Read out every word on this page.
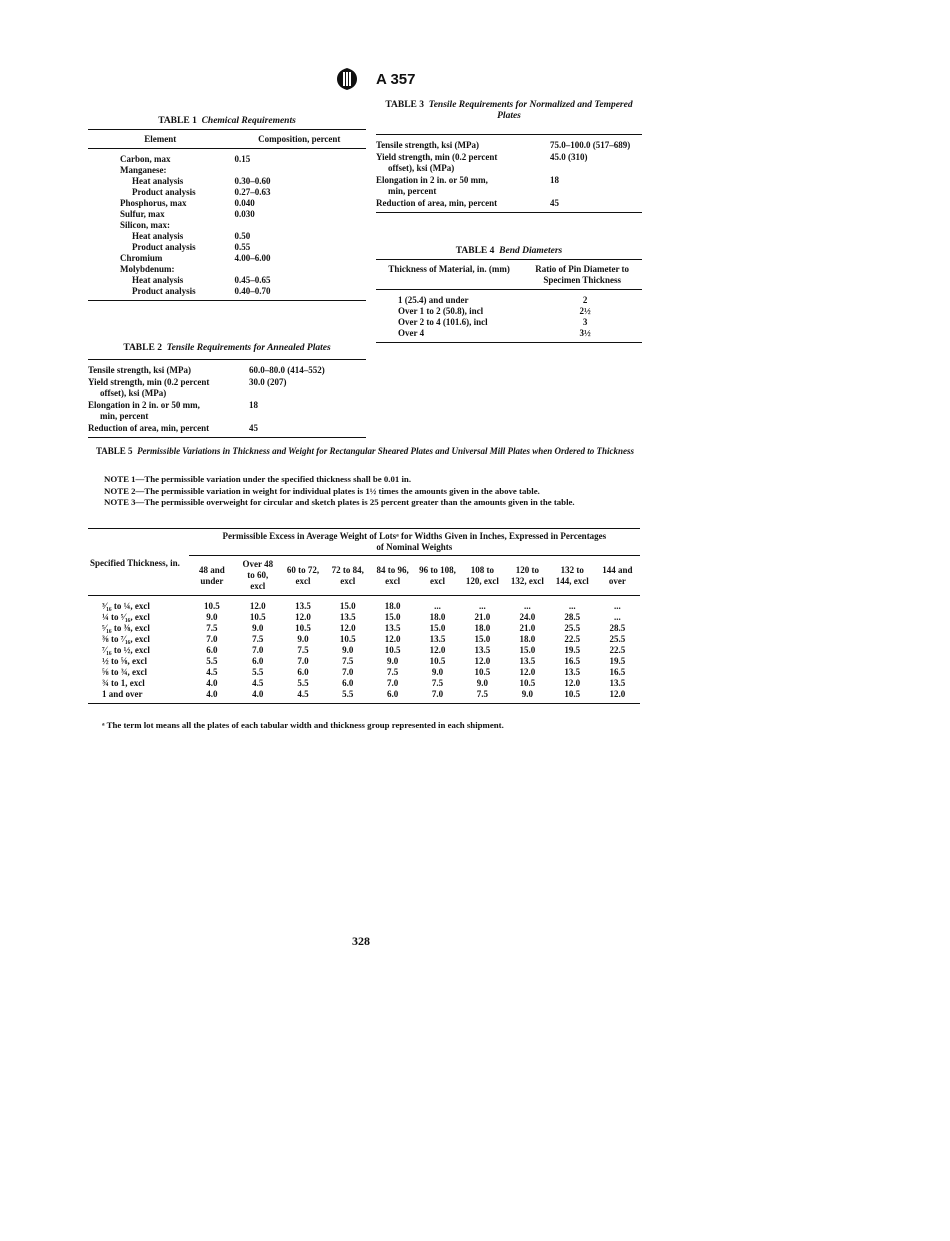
A 357
TABLE 1 Chemical Requirements
Element	Composition, percent
Carbon, max	0.15
Manganese:	
Heat analysis	0.30–0.60
Product analysis	0.27–0.63
Phosphorus, max	0.040
Sulfur, max	0.030
Silicon, max:	
Heat analysis	0.50
Product analysis	0.55
Chromium	4.00–6.00
Molybdenum:	
Heat analysis	0.45–0.65
Product analysis	0.40–0.70
TABLE 2 Tensile Requirements for Annealed Plates
Tensile strength, ksi (MPa)	60.0–80.0 (414–552)
Yield strength, min (0.2 percent
offset), ksi (MPa)	30.0 (207)
Elongation in 2 in. or 50 mm,
min, percent	18
Reduction of area, min, percent	45
TABLE 3 Tensile Requirements for Normalized and Tempered Plates
Tensile strength, ksi (MPa)	75.0–100.0 (517–689)
Yield strength, min (0.2 percent
offset), ksi (MPa)	45.0 (310)
Elongation in 2 in. or 50 mm,
min, percent	18
Reduction of area, min, percent	45
TABLE 4 Bend Diameters
Thickness of Material, in. (mm)	Ratio of Pin Diameter to Specimen Thickness
1 (25.4) and under	2
Over 1 to 2 (50.8), incl	2½
Over 2 to 4 (101.6), incl	3
Over 4	3½
TABLE 5 Permissible Variations in Thickness and Weight for Rectangular Sheared Plates and Universal Mill Plates when Ordered to Thickness

NOTE 1—The permissible variation under the specified thickness shall be 0.01 in.

NOTE 2—The permissible variation in weight for individual plates is 1½ times the amounts given in the above table.

NOTE 3—The permissible overweight for circular and sketch plates is 25 percent greater than the amounts given in the table.

Specified Thickness, in.	Permissible Excess in Average Weight of Lotsᵃ for Widths Given in Inches, Expressed in Percentages of Nominal Weights									
	48 and under	Over 48 to 60, excl	60 to 72, excl	72 to 84, excl	84 to 96, excl	96 to 108, excl	108 to 120, excl	120 to 132, excl	132 to 144, excl	144 and over
³⁄₁₆ to ¼, excl	10.5	12.0	13.5	15.0	18.0	...	...	...	...	...
¼ to ⁵⁄₁₆, excl	9.0	10.5	12.0	13.5	15.0	18.0	21.0	24.0	28.5	...
⁵⁄₁₆ to ⅜, excl	7.5	9.0	10.5	12.0	13.5	15.0	18.0	21.0	25.5	28.5
⅜ to ⁷⁄₁₆, excl	7.0	7.5	9.0	10.5	12.0	13.5	15.0	18.0	22.5	25.5
⁷⁄₁₆ to ½, excl	6.0	7.0	7.5	9.0	10.5	12.0	13.5	15.0	19.5	22.5
½ to ⅝, excl	5.5	6.0	7.0	7.5	9.0	10.5	12.0	13.5	16.5	19.5
⅝ to ¾, excl	4.5	5.5	6.0	7.0	7.5	9.0	10.5	12.0	13.5	16.5
¾ to 1, excl	4.0	4.5	5.5	6.0	7.0	7.5	9.0	10.5	12.0	13.5
1 and over	4.0	4.0	4.5	5.5	6.0	7.0	7.5	9.0	10.5	12.0
ᵃ The term lot means all the plates of each tabular width and thickness group represented in each shipment.
328
